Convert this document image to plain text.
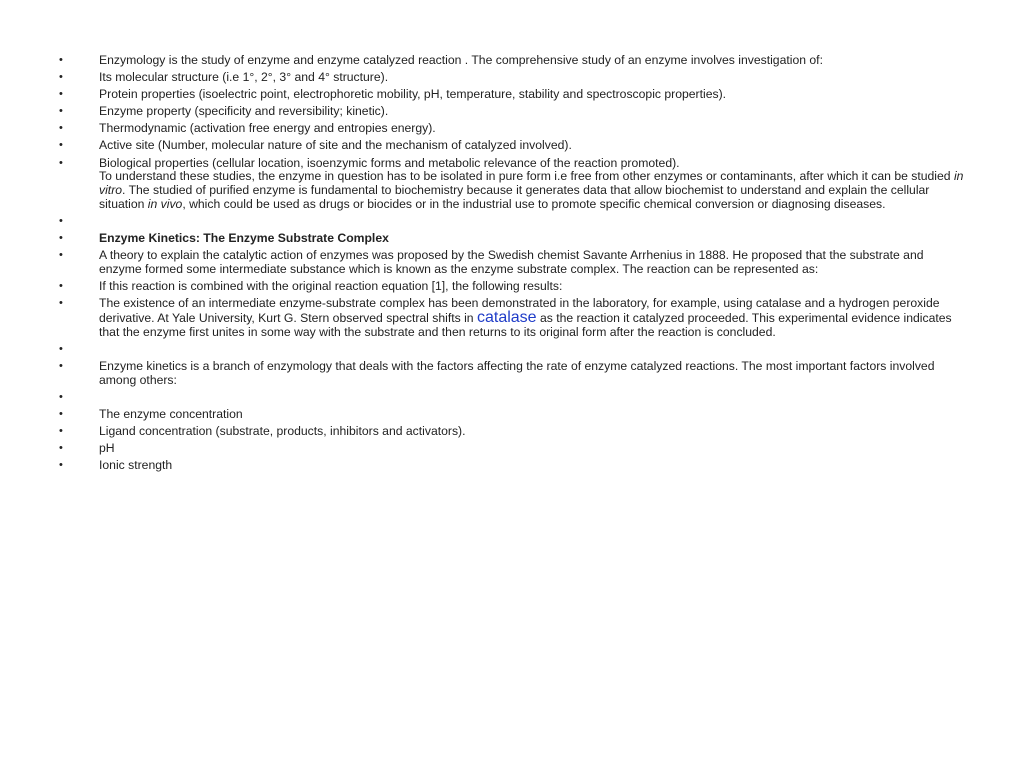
•	Enzymology is the study of enzyme and enzyme catalyzed reaction . The comprehensive study of an enzyme involves investigation of:
•	Its molecular structure (i.e 1°, 2°, 3° and 4° structure).
•	Protein properties (isoelectric point, electrophoretic mobility, pH, temperature, stability and spectroscopic properties).
•	Enzyme property (specificity and reversibility; kinetic).
•	Thermodynamic (activation free energy and entropies energy).
•	Active site (Number, molecular nature of site and the mechanism of catalyzed involved).
•	Biological properties (cellular location, isoenzymic forms and metabolic relevance of the reaction promoted).
To understand these studies, the enzyme in question has to be isolated in pure form i.e free from other enzymes or contaminants, after which it can be studied in vitro. The studied of purified enzyme is fundamental to biochemistry because it generates data that allow biochemist to understand and explain the cellular situation in vivo, which could be used as drugs or biocides or in the industrial use to promote specific chemical conversion or diagnosing diseases.
•
•	Enzyme Kinetics: The Enzyme Substrate Complex
•	A theory to explain the catalytic action of enzymes was proposed by the Swedish chemist Savante Arrhenius in 1888. He proposed that the substrate and enzyme formed some intermediate substance which is known as the enzyme substrate complex. The reaction can be represented as:
•	If this reaction is combined with the original reaction equation [1], the following results:
•	The existence of an intermediate enzyme-substrate complex has been demonstrated in the laboratory, for example, using catalase and a hydrogen peroxide derivative. At Yale University, Kurt G. Stern observed spectral shifts in catalase as the reaction it catalyzed proceeded. This experimental evidence indicates that the enzyme first unites in some way with the substrate and then returns to its original form after the reaction is concluded.
•
•	Enzyme kinetics is a branch of enzymology that deals with the factors affecting the rate of enzyme catalyzed reactions. The most important factors involved among others:
•
•	The enzyme concentration
•	Ligand concentration (substrate, products, inhibitors and activators).
•	pH
•	Ionic strength
